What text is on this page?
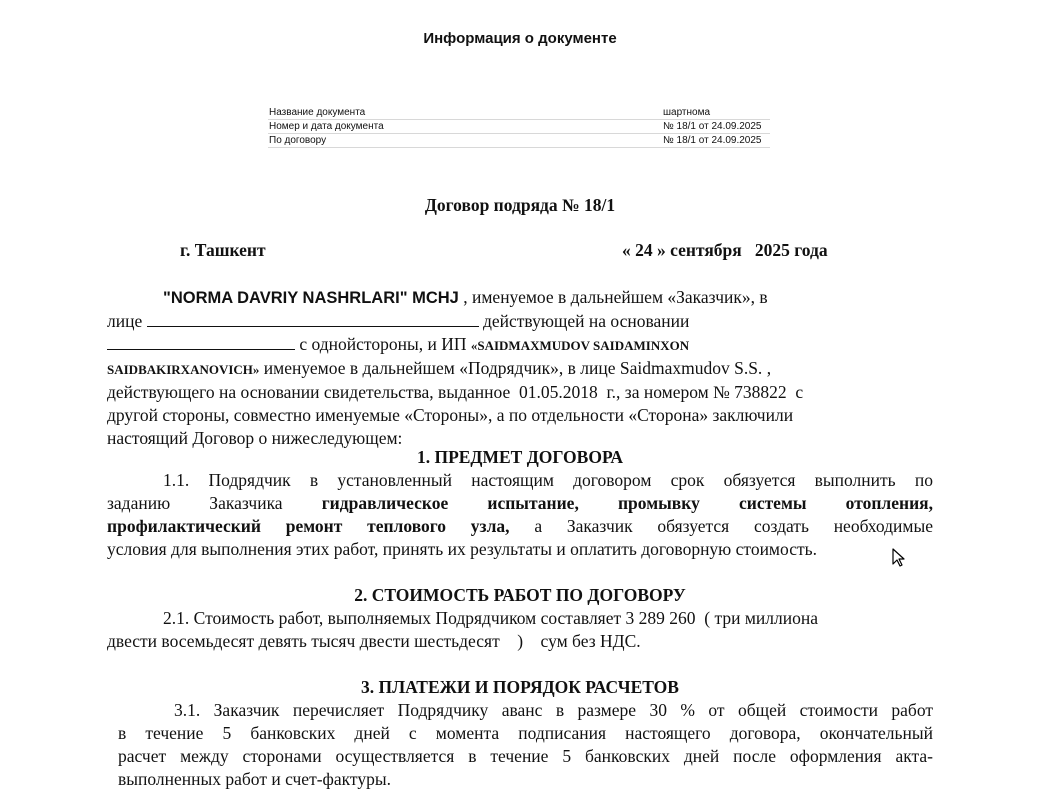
Информация о документе
Название документа	шартнома
Номер и дата документа	№ 18/1 от 24.09.2025
По договору	№ 18/1 от 24.09.2025
Договор подряда № 18/1
г. Ташкент	« 24 » сентября   2025 года
"NORMA DAVRIY NASHRLARI" MCHJ , именуемое в дальнейшем «Заказчик», в
лице	действующей на основании
с однойстороны, и ИП «SAIDMAXMUDOV SAIDAMINXON
SAIDBAKIRXANOVICH» именуемое в дальнейшем «Подрядчик», в лице Saidmaxmudov S.S. ,
действующего на основании свидетельства, выданное  01.05.2018  г., за номером № 738822  с
другой стороны, совместно именуемые «Стороны», а по отдельности «Сторона» заключили
настоящий Договор о нижеследующем:
1. ПРЕДМЕТ ДОГОВОРА
1.1. Подрядчик в установленный настоящим договором срок обязуется выполнить по
заданию Заказчика гидравлическое испытание, промывку системы отопления,
профилактический ремонт теплового узла, а Заказчик обязуется создать необходимые
условия для выполнения этих работ, принять их результаты и оплатить договорную стоимость.
2. СТОИМОСТЬ РАБОТ ПО ДОГОВОРУ
2.1. Стоимость работ, выполняемых Подрядчиком составляет 3 289 260  ( три миллиона
двести восемьдесят девять тысяч двести шестьдесят    )    сум без НДС.
3. ПЛАТЕЖИ И ПОРЯДОК РАСЧЕТОВ
3.1. Заказчик перечисляет Подрядчику аванс в размере 30 % от общей стоимости работ
в течение 5 банковских дней с момента подписания настоящего договора, окончательный
расчет между сторонами осуществляется в течение 5 банковских дней после оформления акта-
выполненных работ и счет-фактуры.
